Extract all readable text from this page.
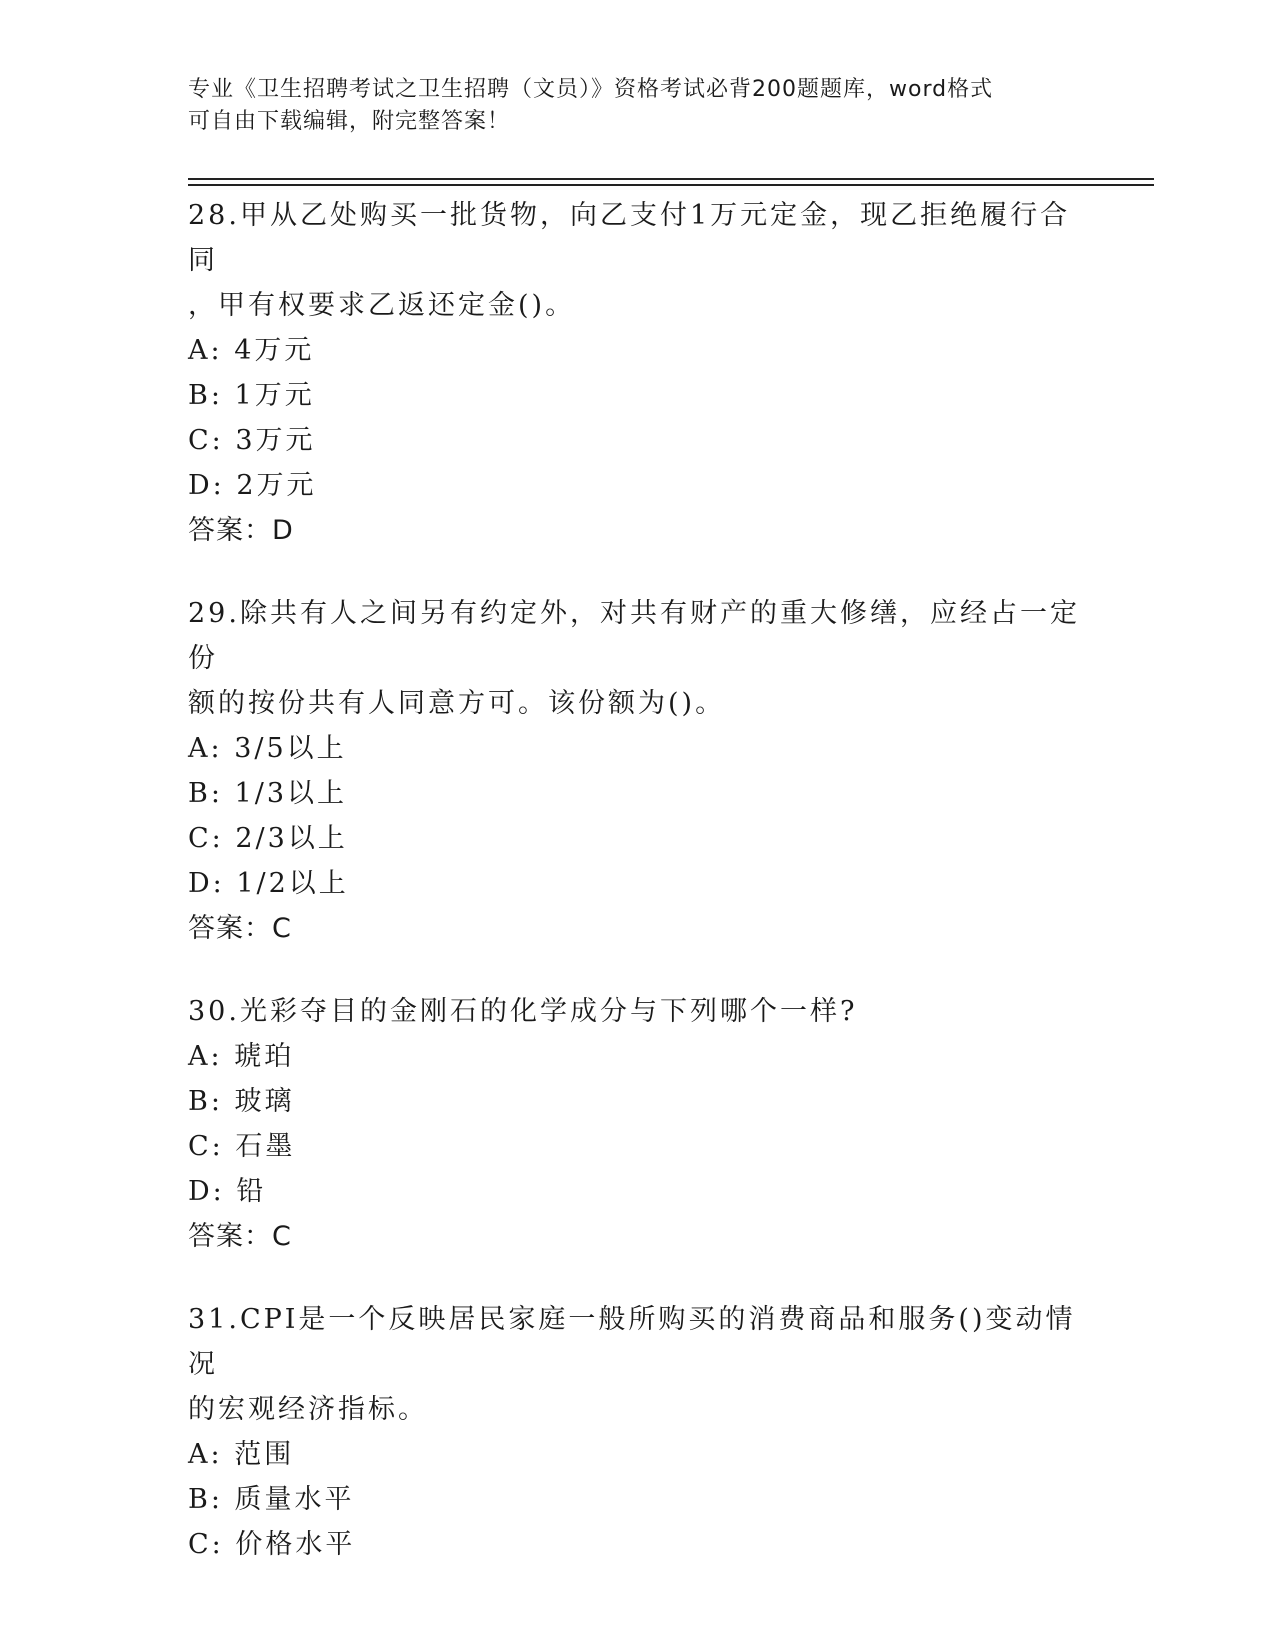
专业《卫生招聘考试之卫生招聘（文员）》资格考试必背200题题库，word格式
可自由下载编辑，附完整答案！
28.甲从乙处购买一批货物，向乙支付1万元定金，现乙拒绝履行合同
，甲有权要求乙返还定金()。
A: 4万元
B: 1万元
C: 3万元
D: 2万元
答案：D
29.除共有人之间另有约定外，对共有财产的重大修缮，应经占一定份
额的按份共有人同意方可。该份额为()。
A: 3/5以上
B: 1/3以上
C: 2/3以上
D: 1/2以上
答案：C
30.光彩夺目的金刚石的化学成分与下列哪个一样?
A: 琥珀
B: 玻璃
C: 石墨
D: 铅
答案：C
31.CPI是一个反映居民家庭一般所购买的消费商品和服务()变动情况
的宏观经济指标。
A: 范围
B: 质量水平
C: 价格水平
